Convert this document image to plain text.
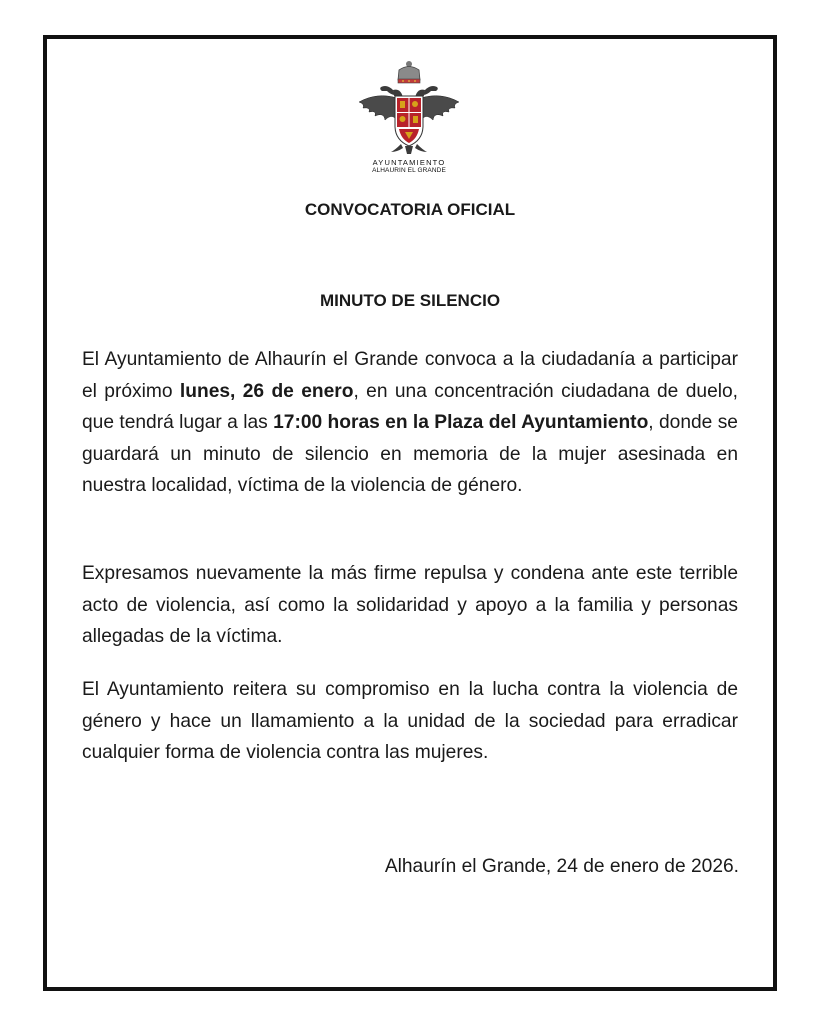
AYUNTAMIENTO
ALHAURIN EL GRANDE
CONVOCATORIA OFICIAL
MINUTO DE SILENCIO

El Ayuntamiento de Alhaurín el Grande convoca a la ciudadanía a participar el próximo lunes, 26 de enero, en una concentración ciudadana de duelo, que tendrá lugar a las 17:00 horas en la Plaza del Ayuntamiento, donde se guardará un minuto de silencio en memoria de la mujer asesinada en nuestra localidad, víctima de la violencia de género.

Expresamos nuevamente la más firme repulsa y condena ante este terrible acto de violencia, así como la solidaridad y apoyo a la familia y personas allegadas de la víctima.

El Ayuntamiento reitera su compromiso en la lucha contra la violencia de género y hace un llamamiento a la unidad de la sociedad para erradicar cualquier forma de violencia contra las mujeres.

Alhaurín el Grande, 24 de enero de 2026.
